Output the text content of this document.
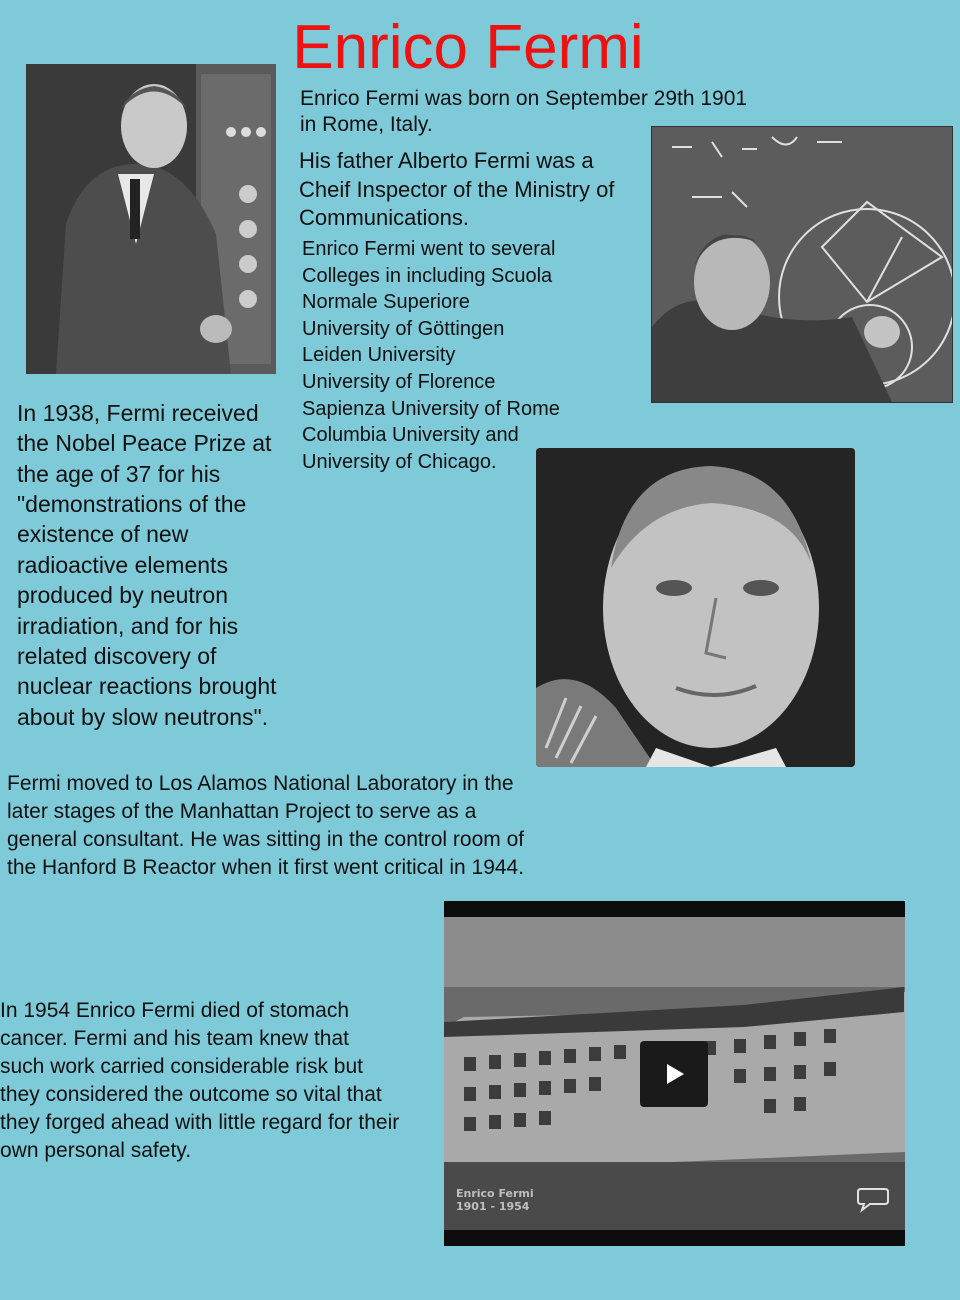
Enrico Fermi
Enrico Fermi was born on September 29th 1901
in Rome, Italy.
His father Alberto Fermi was a
Cheif Inspector of the Ministry of
Communications.
Enrico Fermi went to several
Colleges in including Scuola
Normale Superiore
University of Göttingen
Leiden University
University of Florence
Sapienza University of Rome
Columbia University and
University of Chicago.
In 1938, Fermi received
the Nobel Peace Prize at
the age of 37 for his
"demonstrations of the
existence of new
radioactive elements
produced by neutron
irradiation, and for his
related discovery of
nuclear reactions brought
about by slow neutrons".
Fermi moved to Los Alamos National Laboratory in the
later stages of the Manhattan Project to serve as a
general consultant. He was sitting in the control room of
the Hanford B Reactor when it first went critical in 1944.
In 1954 Enrico Fermi died of stomach
cancer. Fermi and his team knew that
such work carried considerable risk but
they considered the outcome so vital that
they forged ahead with little regard for their
own personal safety.
Enrico Fermi
1901 - 1954
